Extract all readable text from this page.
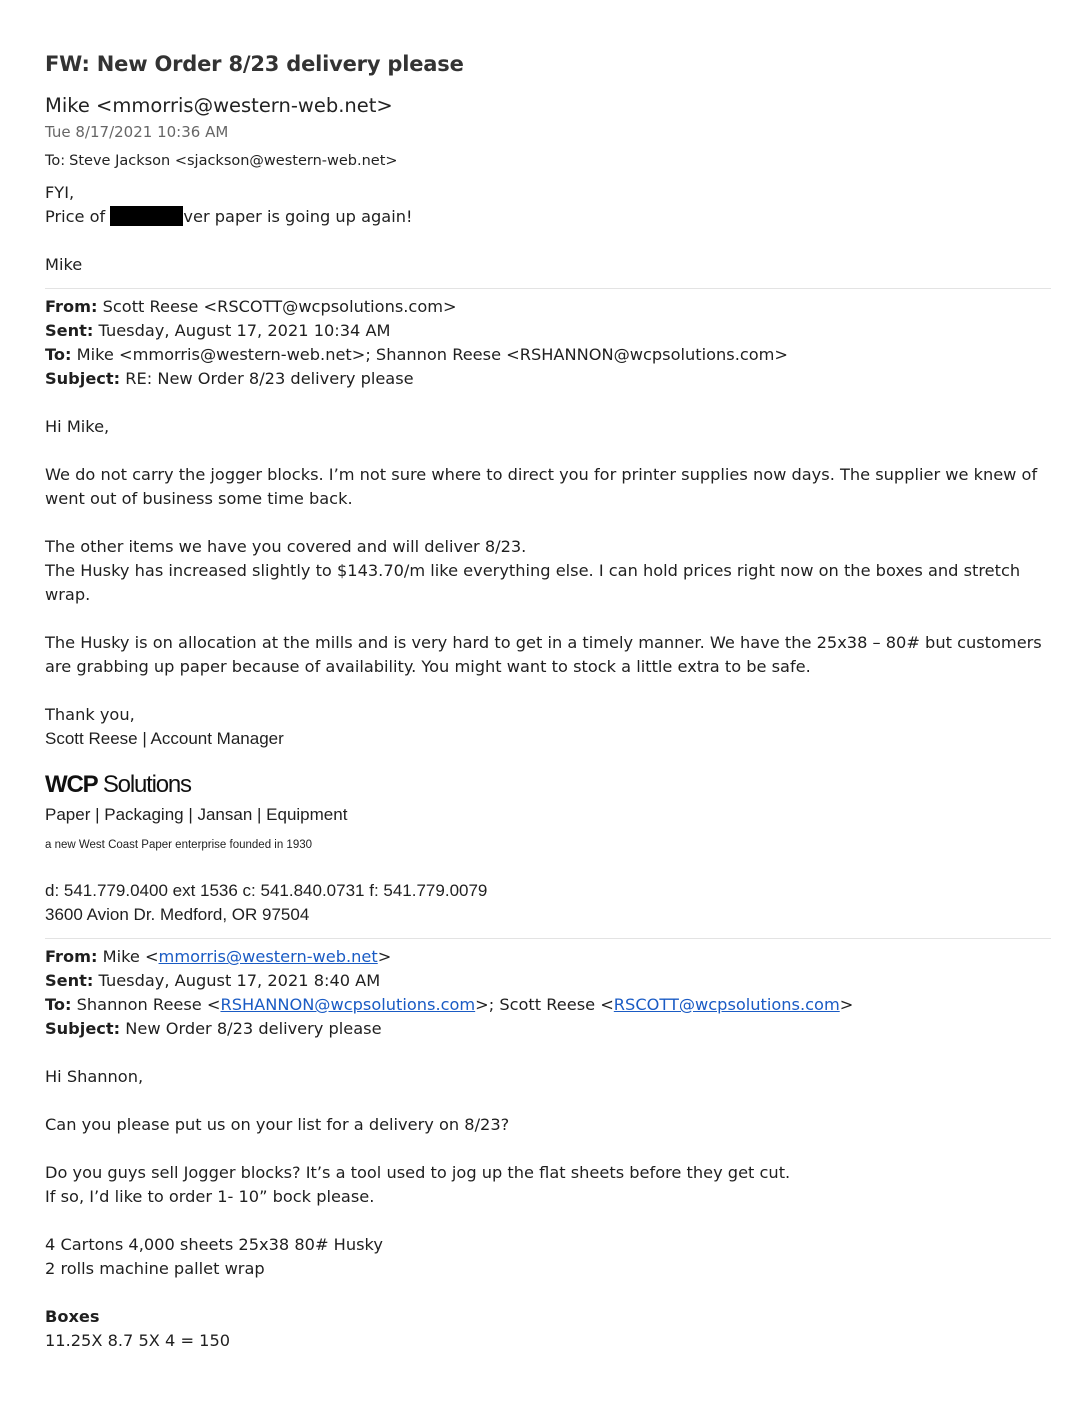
FW: New Order 8/23 delivery please
Mike <mmorris@western-web.net>
Tue 8/17/2021 10:36 AM
To: Steve Jackson <sjackson@western-web.net>

FYI,

Price of	ver paper is going up again!

Mike

From: Scott Reese <RSCOTT@wcpsolutions.com>

Sent: Tuesday, August 17, 2021 10:34 AM

To: Mike <mmorris@western-web.net>; Shannon Reese <RSHANNON@wcpsolutions.com>

Subject: RE: New Order 8/23 delivery please

Hi Mike,

We do not carry the jogger blocks. I’m not sure where to direct you for printer supplies now days. The supplier we knew of went out of business some time back.

The other items we have you covered and will deliver 8/23.

The Husky has increased slightly to $143.70/m like everything else. I can hold prices right now on the boxes and stretch wrap.

The Husky is on allocation at the mills and is very hard to get in a timely manner. We have the 25x38 – 80# but customers are grabbing up paper because of availability. You might want to stock a little extra to be safe.

Thank you,

Scott Reese | Account Manager

WCP Solutions
Paper | Packaging | Jansan | Equipment
a new West Coast Paper enterprise founded in 1930
d: 541.779.0400 ext 1536 c: 541.840.0731 f: 541.779.0079
3600 Avion Dr. Medford, OR 97504

From: Mike <mmorris@western-web.net>

Sent: Tuesday, August 17, 2021 8:40 AM

To: Shannon Reese <RSHANNON@wcpsolutions.com>; Scott Reese <RSCOTT@wcpsolutions.com>

Subject: New Order 8/23 delivery please

Hi Shannon,

Can you please put us on your list for a delivery on 8/23?

Do you guys sell Jogger blocks? It’s a tool used to jog up the flat sheets before they get cut.

If so, I’d like to order 1- 10” bock please.

4 Cartons 4,000 sheets 25x38 80# Husky

2 rolls machine pallet wrap

Boxes

11.25X 8.7 5X 4 = 150
